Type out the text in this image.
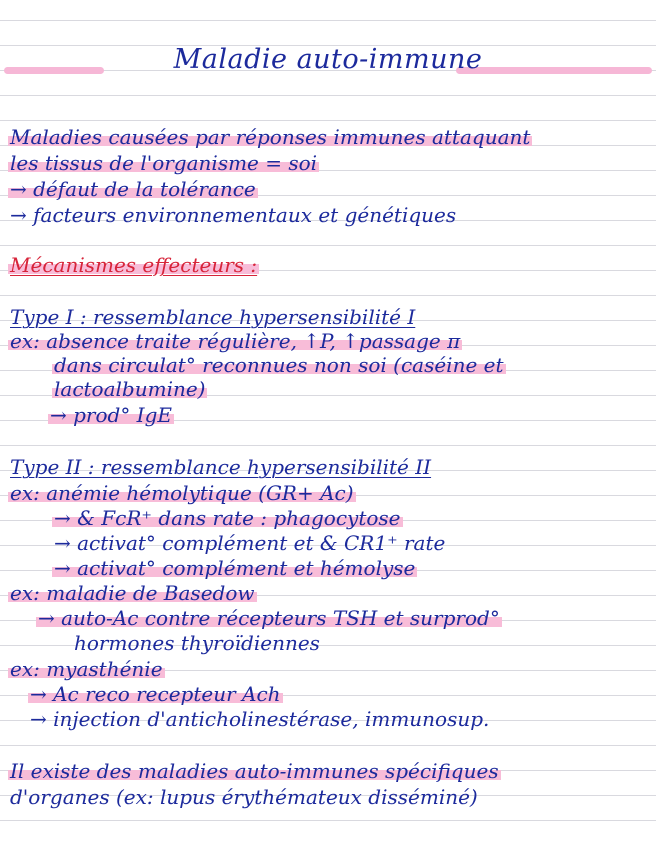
Maladie auto-immune
Maladies causées par réponses immunes attaquant
les tissus de l'organisme = soi
→ défaut de la tolérance
→ facteurs environnementaux et génétiques
Mécanismes effecteurs :
Type I : ressemblance hypersensibilité I
ex: absence traite régulière, ↑P, ↑passage π
dans circulat° reconnues non soi (caséine et
lactoalbumine)
→ prod° IgE
Type II : ressemblance hypersensibilité II
ex: anémie hémolytique (GR+ Ac)
→ & FcR⁺ dans rate : phagocytose
→ activat° complément et & CR1⁺ rate
→ activat° complément et hémolyse
ex: maladie de Basedow
→ auto-Ac contre récepteurs TSH et surprod°
hormones thyroïdiennes
ex: myasthénie
→ Ac reco recepteur Ach
→ injection d'anticholinestérase, immunosup.
Il existe des maladies auto-immunes spécifiques
d'organes (ex: lupus érythémateux disséminé)
